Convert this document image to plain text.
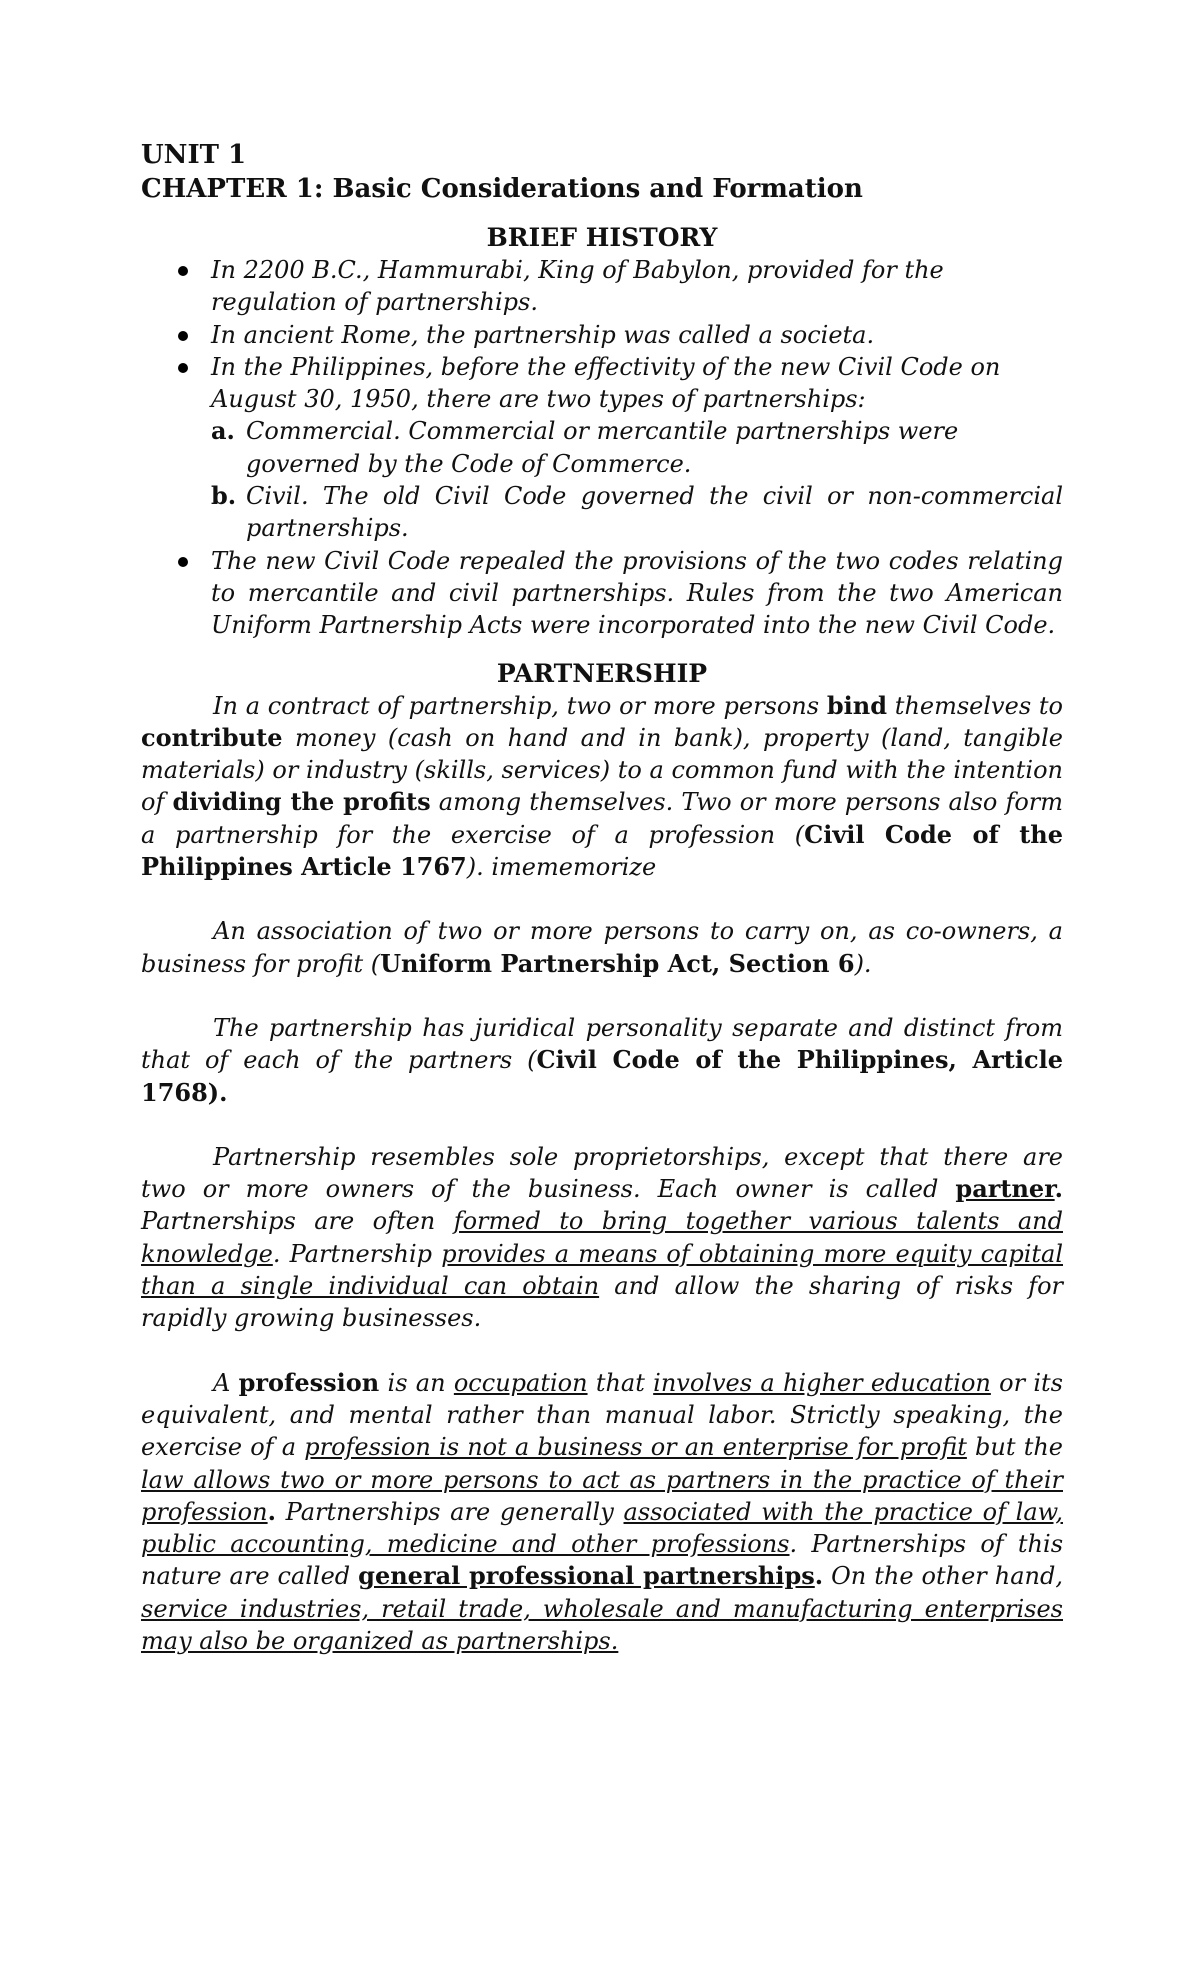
UNIT 1

CHAPTER 1: Basic Considerations and Formation

BRIEF HISTORY

In 2200 B.C., Hammurabi, King of Babylon, provided for the regulation of partnerships.
In ancient Rome, the partnership was called a societa.
In the Philippines, before the effectivity of the new Civil Code on August 30, 1950, there are two types of partnerships:
a. Commercial. Commercial or mercantile partnerships were governed by the Code of Commerce.
b. Civil. The old Civil Code governed the civil or non-commercial partnerships.
The new Civil Code repealed the provisions of the two codes relating to mercantile and civil partnerships. Rules from the two American Uniform Partnership Acts were incorporated into the new Civil Code.

PARTNERSHIP

In a contract of partnership, two or more persons bind themselves to contribute money (cash on hand and in bank), property (land, tangible materials) or industry (skills, services) to a common fund with the intention of dividing the profits among themselves. Two or more persons also form a partnership for the exercise of a profession (Civil Code of the Philippines Article 1767). imememorize

An association of two or more persons to carry on, as co-owners, a business for profit (Uniform Partnership Act, Section 6).

The partnership has juridical personality separate and distinct from that of each of the partners (Civil Code of the Philippines, Article 1768).

Partnership resembles sole proprietorships, except that there are two or more owners of the business. Each owner is called partner. Partnerships are often formed to bring together various talents and knowledge. Partnership provides a means of obtaining more equity capital than a single individual can obtain and allow the sharing of risks for rapidly growing businesses.

A profession is an occupation that involves a higher education or its equivalent, and mental rather than manual labor. Strictly speaking, the exercise of a profession is not a business or an enterprise for profit but the law allows two or more persons to act as partners in the practice of their profession. Partnerships are generally associated with the practice of law, public accounting, medicine and other professions. Partnerships of this nature are called general professional partnerships. On the other hand, service industries, retail trade, wholesale and manufacturing enterprises may also be organized as partnerships.
